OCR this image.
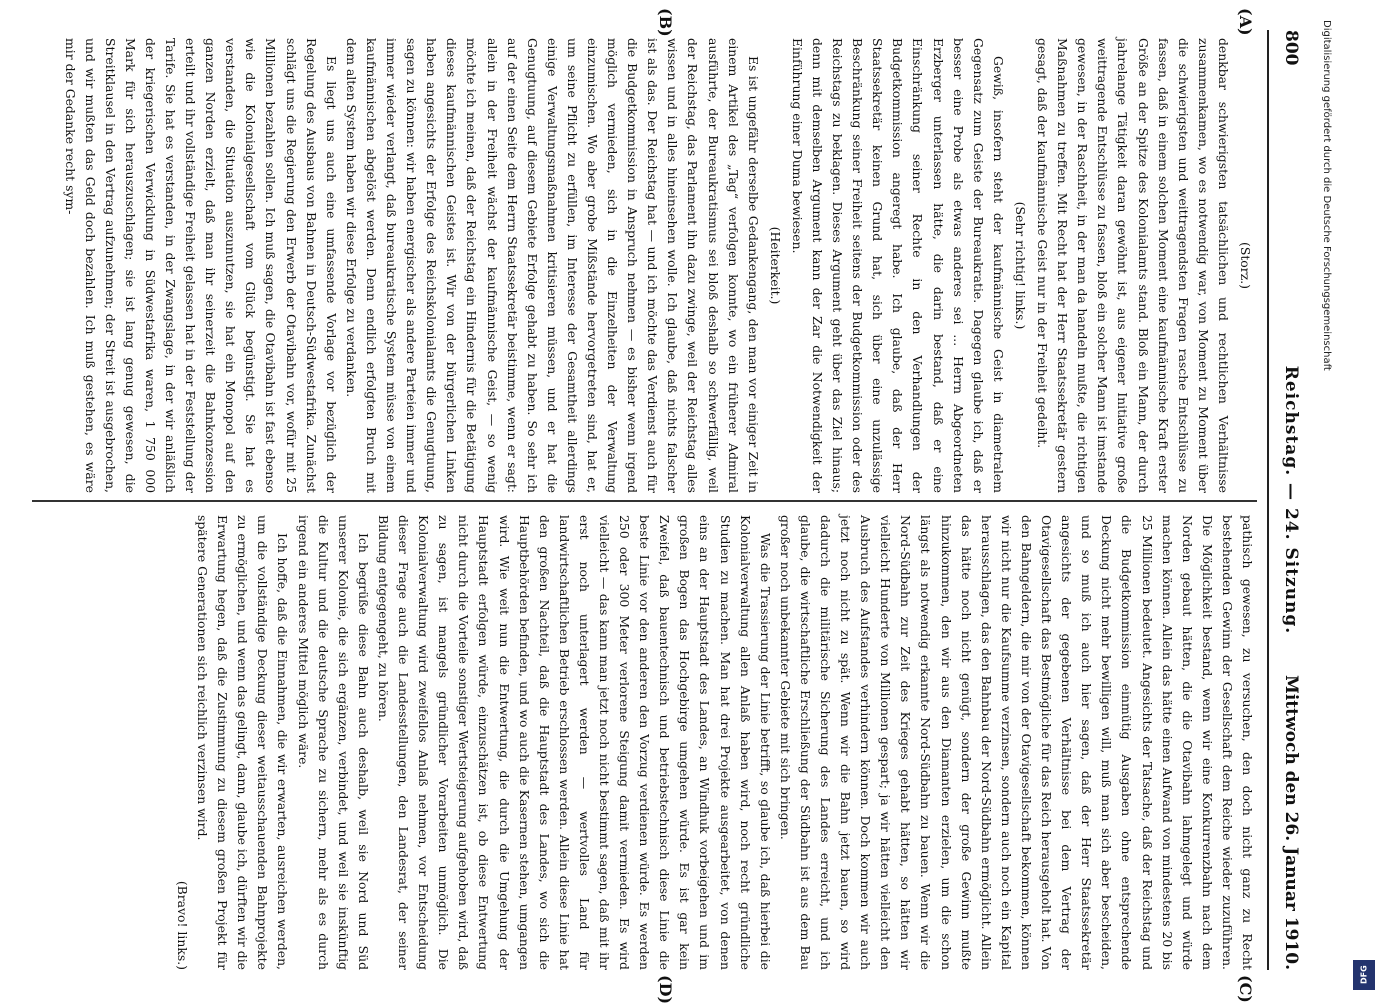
800
Reichstag. — 24. Sitzung.
Mittwoch den 26. Januar 1910.
(A)
(B)
(C)
(D)

(Storz.)

denkbar schwierigsten tatsächlichen und rechtlichen Verhältnisse zusammenkamen, wo es notwendig war, von Moment zu Moment über die schwierigsten und weittragendsten Fragen rasche Entschlüsse zu fassen, daß in einem solchen Moment eine kaufmännische Kraft erster Größe an der Spitze des Kolonialamts stand. Bloß ein Mann, der durch jahrelange Tätigkeit daran gewöhnt ist, aus eigener Initiative große weittragende Entschlüsse zu fassen, bloß ein solcher Mann ist imstande gewesen, in der Raschheit, in der man da handeln mußte, die richtigen Maßnahmen zu treffen. Mit Recht hat der Herr Staatssekretär gestern gesagt, daß der kaufmännische Geist nur in der Freiheit gedeiht.

(Sehr richtig! links.)

Gewiß, insofern steht der kaufmännische Geist in diametralem Gegensatz zum Geiste der Bureaukratie. Dagegen glaube ich, daß er besser eine Probe als etwas anderes sei ... Herrn Abgeordneten Erzberger unterlassen hätte, die darin bestand, daß er eine Einschränkung seiner Rechte in den Verhandlungen der Budgetkommission angeregt habe. Ich glaube, daß der Herr Staatssekretär keinen Grund hat, sich über eine unzulässige Beschränkung seiner Freiheit seitens der Budgetkommission oder des Reichstags zu beklagen. Dieses Argument geht über das Ziel hinaus; denn mit demselben Argument kann der Zar die Notwendigkeit der Einführung einer Duma bewiesen.

(Heiterkeit.)

Es ist ungefähr derselbe Gedankengang, den man vor einiger Zeit in einem Artikel des „Tag“ verfolgen konnte, wo ein früherer Admiral ausführte, der Bureaukratismus sei bloß deshalb so schwerfällig, weil der Reichstag, das Parlament ihn dazu zwinge, weil der Reichstag alles wissen und in alles hineinsehen wolle. Ich glaube, daß nichts falscher ist als das. Der Reichstag hat — und ich möchte das Verdienst auch für die Budgetkommission in Anspruch nehmen — es bisher wenn irgend möglich vermieden, sich in die Einzelheiten der Verwaltung einzumischen. Wo aber grobe Mißstände hervorgetreten sind, hat er, um seine Pflicht zu erfüllen, im Interesse der Gesamtheit allerdings einige Verwaltungsmaßnahmen kritisieren müssen, und er hat die Genugtuung, auf diesem Gebiete Erfolge gehabt zu haben. So sehr ich auf der einen Seite dem Herrn Staatssekretär beistimme, wenn er sagt: allein in der Freiheit wächst der kaufmännische Geist, — so wenig möchte ich meinen, daß der Reichstag ein Hindernis für die Betätigung dieses kaufmännischen Geistes ist. Wir von der bürgerlichen Linken haben angesichts der Erfolge des Reichskolonialamts die Genugtuung, sagen zu können: wir haben energischer als andere Parteien immer und immer wieder verlangt, daß bureaukratische System müsse von einem kaufmännischen abgelöst werden. Denn endlich erfolgten Bruch mit dem alten System haben wir diese Erfolge zu verdanken.

Es liegt uns auch eine umfassende Vorlage vor bezüglich der Regelung des Ausbaus von Bahnen in Deutsch-Südwestafrika. Zunächst schlägt uns die Regierung den Erwerb der Otavibahn vor, wofür mit 25 Millionen bezahlen sollen. Ich muß sagen, die Otavibahn ist fast ebenso wie die Kolonialgesellschaft vom Glück begünstigt. Sie hat es verstanden, die Situation auszunutzen, sie hat ein Monopol auf den ganzen Norden erzielt, daß man ihr seinerzeit die Bahnkonzession erteilt und ihr vollständige Freiheit gelassen hat in der Feststellung der Tarife. Sie hat es verstanden, in der Zwangslage, in der wir anläßlich der kriegerischen Verwicklung in Südwestafrika waren, 1 750 000 Mark für sich herauszuschlagen; sie ist lang genug gewesen, die Streitklausel in den Vertrag aufzunehmen; der Streit ist ausgebrochen, und wir mußten das Geld doch bezahlen. Ich muß gestehen, es wäre mir der Gedanke recht sym-

pathisch gewesen, zu versuchen, den doch nicht ganz zu Recht bestehenden Gewinn der Gesellschaft dem Reiche wieder zuzuführen. Die Möglichkeit bestand, wenn wir eine Konkurrenzbahn nach dem Norden gebaut hätten, die die Otavibahn lahmgelegt und würde machen können. Allein das hätte einen Aufwand von mindestens 20 bis 25 Millionen bedeutet. Angesichts der Tatsache, daß der Reichstag und die Budgetkommission einmütig Ausgaben ohne entsprechende Deckung nicht mehr bewilligen will, muß man sich aber bescheiden, und so muß ich auch hier sagen, daß der Herr Staatssekretär angesichts der gegebenen Verhältnisse bei dem Vertrag der Otavigesellschaft das Bestmögliche für das Reich herausgeholt hat. Von den Bahngeldern, die mir von der Otavigesellschaft bekommen, können wir nicht nur die Kaufsumme verzinsen, sondern auch noch ein Kapital herausschlagen, das den Bahnbau der Nord-Südbahn ermöglicht. Allein das hätte noch nicht genügt, sondern der große Gewinn mußte hinzukommen, den wir aus den Diamanten erzielen, um die schon längst als notwendig erkannte Nord-Südbahn zu bauen. Wenn wir die Nord-Südbahn zur Zeit des Krieges gehabt hätten, so hätten wir vielleicht Hunderte von Millionen gespart; ja wir hätten vielleicht den Ausbruch des Aufstandes verhindern können. Doch kommen wir auch jetzt noch nicht zu spät. Wenn wir die Bahn jetzt bauen, so wird dadurch die militärische Sicherung des Landes erreicht, und ich glaube, die wirtschaftliche Erschließung der Südbahn ist aus dem Bau großer noch unbekannter Gebiete mit sich bringen.

Was die Trassierung der Linie betrifft, so glaube ich, daß hierbei die Kolonialverwaltung allen Anlaß haben wird, noch recht gründliche Studien zu machen. Man hat drei Projekte ausgearbeitet, von denen eins an der Hauptstadt des Landes, an Windhuk vorbeigehen und im großen Bogen das Hochgebirge umgehen würde. Es ist gar kein Zweifel, daß bauentechnisch und betriebstechnisch diese Linie die beste Linie vor den anderen den Vorzug verdienen würde. Es werden 250 oder 300 Meter verlorene Steigung damit vermieden. Es wird vielleicht — das kann man jetzt noch nicht bestimmt sagen, daß mit ihr erst noch unterlagert werden — wertvolles Land für landwirtschaftlichen Betrieb erschlossen werden. Allein diese Linie hat den großen Nachteil, daß die Hauptstadt des Landes, wo sich die Hauptbehörden befinden, und wo auch die Kasernen stehen, umgangen wird. Wie weit nun die Entwertung, die durch die Umgehung der Hauptstadt erfolgen würde, einzuschätzen ist, ob diese Entwertung nicht durch die Vorteile sonstiger Wertsteigerung aufgehoben wird, daß zu sagen, ist mangels gründlicher Vorarbeiten unmöglich. Die Kolonialverwaltung wird zweifellos Anlaß nehmen, vor Entscheidung dieser Frage auch die Landesstellungen, den Landesrat, der seiner Bildung entgegengeht, zu hören.

Ich begrüße diese Bahn auch deshalb, weil sie Nord und Süd unserer Kolonie, die sich ergänzen, verbindet, und weil sie inskünftig die Kultur und die deutsche Sprache zu sichern, mehr als es durch irgend ein anderes Mittel möglich wäre.

Ich hoffe, daß die Einnahmen, die wir erwarten, ausreichen werden, um die vollständige Deckung dieser weitausschauenden Bahnprojekte zu ermöglichen, und wenn das gelingt, dann, glaube ich, dürften wir die Erwartung hegen, daß die Zustimmung zu diesem großen Projekt für spätere Generationen sich reichlich verzinsen wird.

(Bravo! links.)

Digitalisierung gefördert durch die Deutsche Forschungsgemeinschaft
DFG
